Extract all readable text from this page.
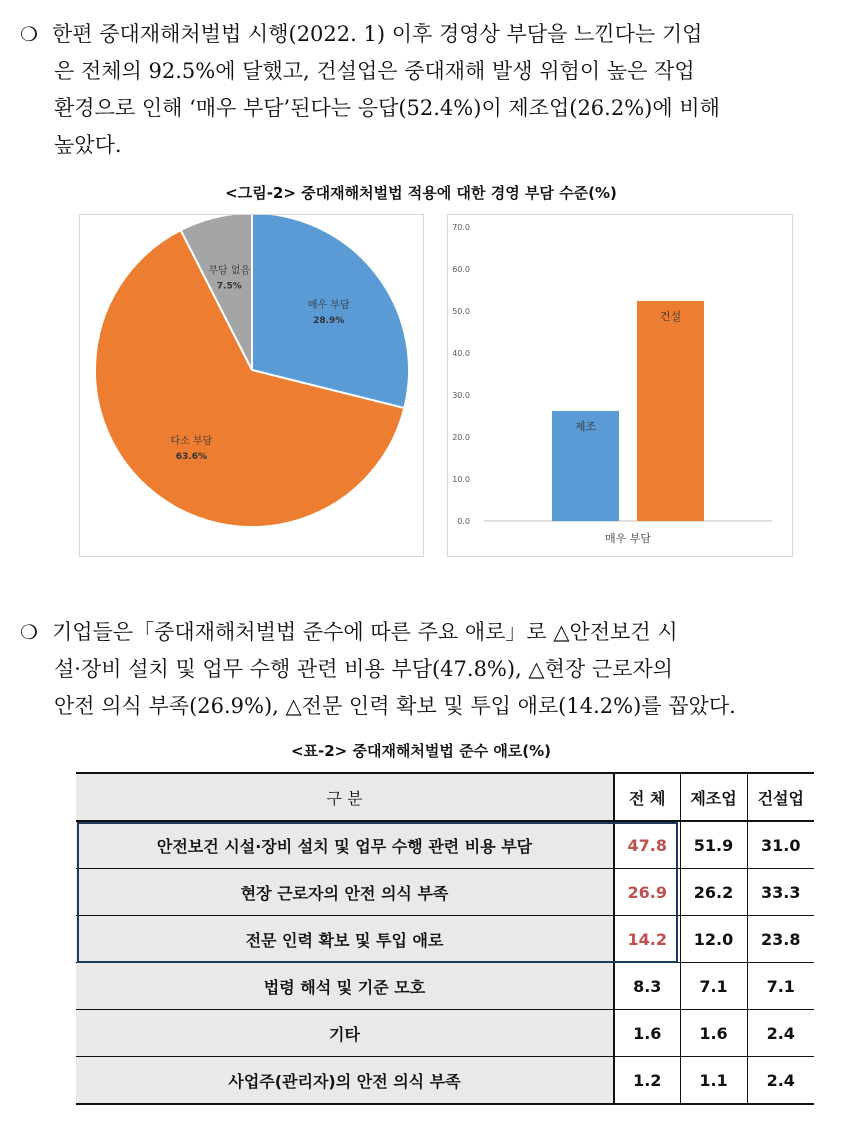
❍ 한편 중대재해처벌법 시행(2022. 1) 이후 경영상 부담을 느낀다는 기업
은 전체의 92.5%에 달했고, 건설업은 중대재해 발생 위험이 높은 작업
환경으로 인해 ‘매우 부담’된다는 응답(52.4%)이 제조업(26.2%)에 비해
높았다.
<그림-2> 중대재해처벌법 적용에 대한 경영 부담 수준(%)
매우 부담
28.9%
다소 부담
63.6%
부담 없음
7.5%
0.0
10.0
20.0
30.0
40.0
50.0
60.0
70.0
제조
건설
매우 부담
❍ 기업들은「중대재해처벌법 준수에 따른 주요 애로」로 △안전보건 시
설·장비 설치 및 업무 수행 관련 비용 부담(47.8%), △현장 근로자의
안전 의식 부족(26.9%), △전문 인력 확보 및 투입 애로(14.2%)를 꼽았다.
<표-2> 중대재해처벌법 준수 애로(%)
구 분	전 체	제조업	건설업
안전보건 시설·장비 설치 및 업무 수행 관련 비용 부담	47.8	51.9	31.0
현장 근로자의 안전 의식 부족	26.9	26.2	33.3
전문 인력 확보 및 투입 애로	14.2	12.0	23.8
법령 해석 및 기준 모호	8.3	7.1	7.1
기타	1.6	1.6	2.4
사업주(관리자)의 안전 의식 부족	1.2	1.1	2.4
